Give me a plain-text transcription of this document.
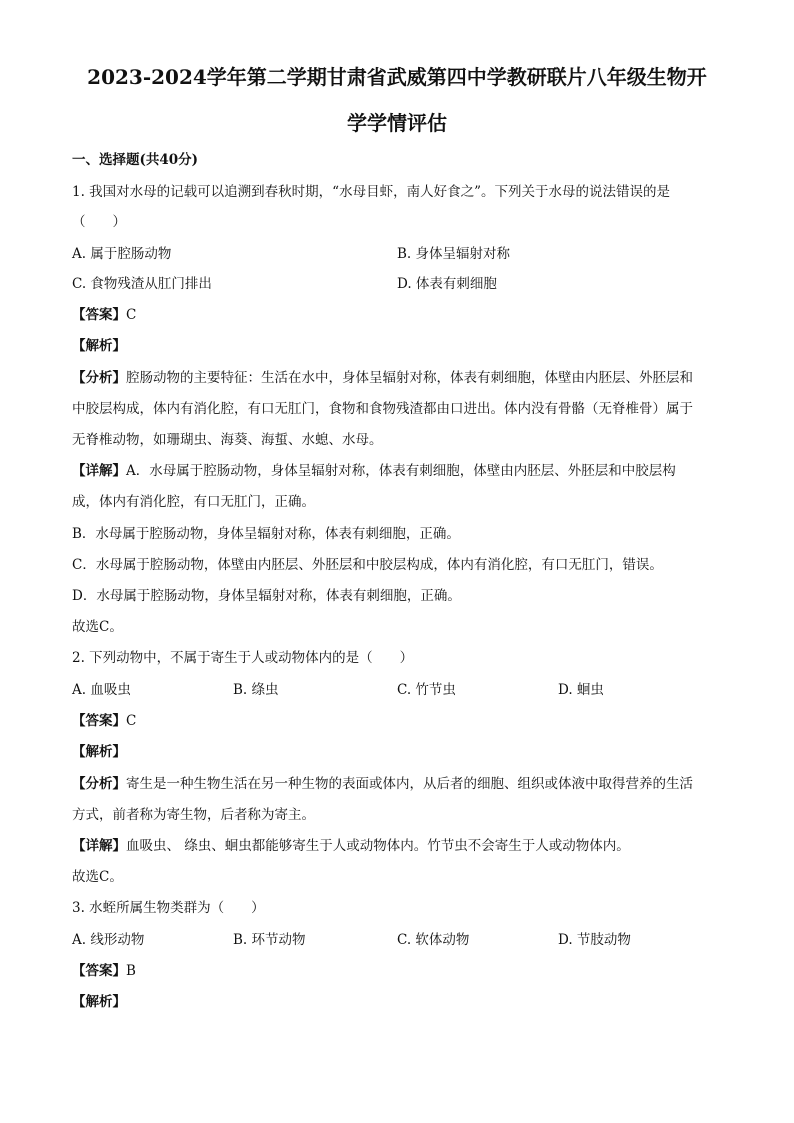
2023-2024学年第二学期甘肃省武威第四中学教研联片八年级生物开
学学情评估
一、选择题(共40分)
1. 我国对水母的记载可以追溯到春秋时期，“水母目虾，南人好食之”。下列关于水母的说法错误的是
（　　）
A. 属于腔肠动物	B. 身体呈辐射对称
C. 食物残渣从肛门排出	D. 体表有刺细胞
【答案】C
【解析】
【分析】腔肠动物的主要特征：生活在水中，身体呈辐射对称，体表有刺细胞，体壁由内胚层、外胚层和
中胶层构成，体内有消化腔，有口无肛门，食物和食物残渣都由口进出。体内没有骨骼（无脊椎骨）属于
无脊椎动物，如珊瑚虫、海葵、海蜇、水螅、水母。
【详解】A．水母属于腔肠动物，身体呈辐射对称，体表有刺细胞，体壁由内胚层、外胚层和中胶层构
成，体内有消化腔，有口无肛门，正确。
B．水母属于腔肠动物，身体呈辐射对称，体表有刺细胞，正确。
C．水母属于腔肠动物，体壁由内胚层、外胚层和中胶层构成，体内有消化腔，有口无肛门，错误。
D．水母属于腔肠动物，身体呈辐射对称，体表有刺细胞，正确。
故选C。
2. 下列动物中，不属于寄生于人或动物体内的是（　　）
A. 血吸虫	B. 绦虫	C. 竹节虫	D. 蛔虫
【答案】C
【解析】
【分析】寄生是一种生物生活在另一种生物的表面或体内，从后者的细胞、组织或体液中取得营养的生活
方式，前者称为寄生物，后者称为寄主。
【详解】血吸虫、 绦虫、蛔虫都能够寄生于人或动物体内。竹节虫不会寄生于人或动物体内。
故选C。
3. 水蛭所属生物类群为（　　）
A. 线形动物	B. 环节动物	C. 软体动物	D. 节肢动物
【答案】B
【解析】
